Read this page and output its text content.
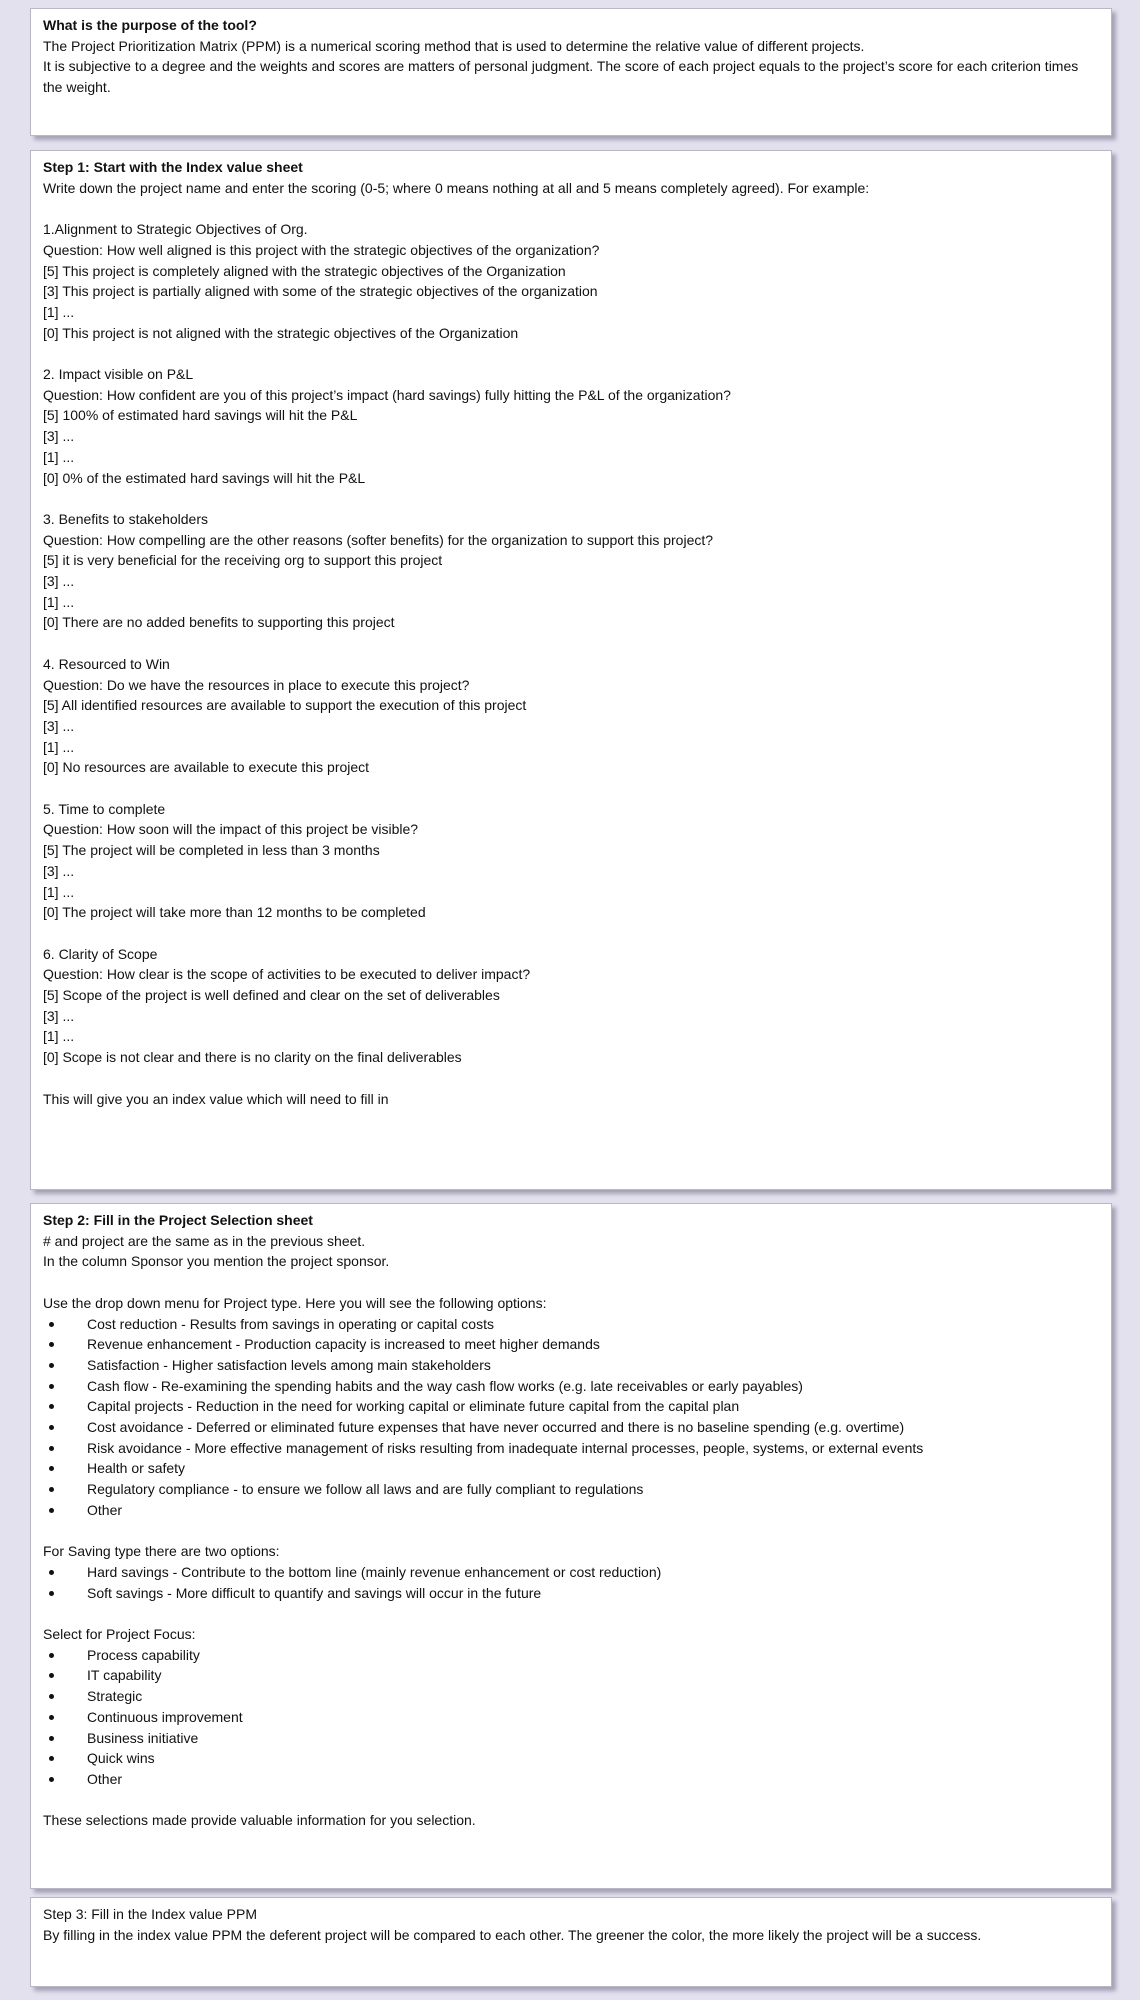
What is the purpose of the tool?
The Project Prioritization Matrix (PPM) is a numerical scoring method that is used to determine the relative value of different projects.
It is subjective to a degree and the weights and scores are matters of personal judgment. The score of each project equals to the project’s score for each criterion times the weight.
Step 1: Start with the Index value sheet
Write down the project name and enter the scoring (0-5; where 0 means nothing at all and 5 means completely agreed). For example:
1.Alignment to Strategic Objectives of Org.
Question: How well aligned is this project with the strategic objectives of the organization?
[5] This project is completely aligned with the strategic objectives of the Organization
[3] This project is partially aligned with some of the strategic objectives of the organization
[1] ...
[0] This project is not aligned with the strategic objectives of the Organization
2. Impact visible on P&L
Question: How confident are you of this project’s impact (hard savings) fully hitting the P&L of the organization?
[5] 100% of estimated hard savings will hit the P&L
[3] ...
[1] ...
[0] 0% of the estimated hard savings will hit the P&L
3. Benefits to stakeholders
Question: How compelling are the other reasons (softer benefits) for the organization to support this project?
[5] it is very beneficial for the receiving org to support this project
[3] ...
[1] ...
[0] There are no added benefits to supporting this project
4. Resourced to Win
Question: Do we have the resources in place to execute this project?
[5] All identified resources are available to support the execution of this project
[3] ...
[1] ...
[0] No resources are available to execute this project
5. Time to complete
Question: How soon will the impact of this project be visible?
[5] The project will be completed in less than 3 months
[3] ...
[1] ...
[0] The project will take more than 12 months to be completed
6. Clarity of Scope
Question: How clear is the scope of activities to be executed to deliver impact?
[5] Scope of the project is well defined and clear on the set of deliverables
[3] ...
[1] ...
[0] Scope is not clear and there is no clarity on the final deliverables
This will give you an index value which will need to fill in
Step 2: Fill in the Project Selection sheet
# and project are the same as in the previous sheet.
In the column Sponsor you mention the project sponsor.
Use the drop down menu for Project type. Here you will see the following options:
Cost reduction - Results from savings in operating or capital costs
Revenue enhancement - Production capacity is increased to meet higher demands
Satisfaction - Higher satisfaction levels among main stakeholders
Cash flow - Re-examining the spending habits and the way cash flow works (e.g. late receivables or early payables)
Capital projects - Reduction in the need for working capital or eliminate future capital from the capital plan
Cost avoidance - Deferred or eliminated future expenses that have never occurred and there is no baseline spending (e.g. overtime)
Risk avoidance - More effective management of risks resulting from inadequate internal processes, people, systems, or external events
Health or safety
Regulatory compliance - to ensure we follow all laws and are fully compliant to regulations
Other
For Saving type there are two options:
Hard savings - Contribute to the bottom line (mainly revenue enhancement or cost reduction)
Soft savings - More difficult to quantify and savings will occur in the future
Select for Project Focus:
Process capability
IT capability
Strategic
Continuous improvement
Business initiative
Quick wins
Other
These selections made provide valuable information for you selection.
Step 3: Fill in the Index value PPM
By filling in the index value PPM the deferent project will be compared to each other. The greener the color, the more likely the project will be a success.
